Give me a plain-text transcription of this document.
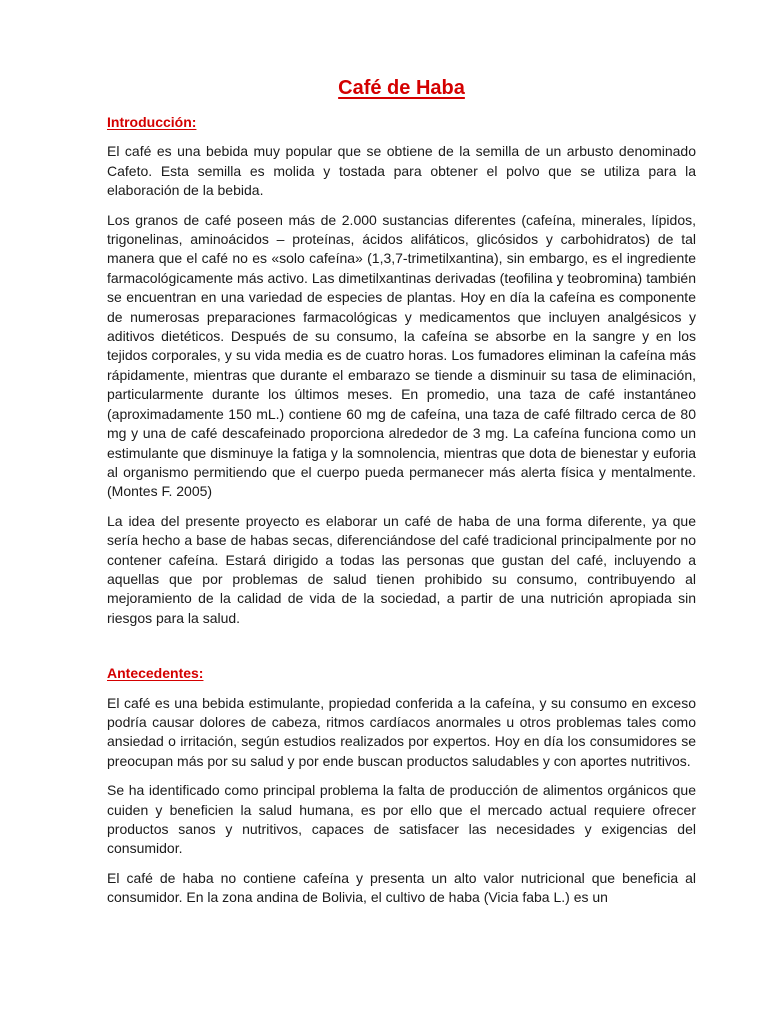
Café de Haba
Introducción:

El café es una bebida muy popular que se obtiene de la semilla de un arbusto denominado Cafeto. Esta semilla es molida y tostada para obtener el polvo que se utiliza para la elaboración de la bebida.

Los granos de café poseen más de 2.000 sustancias diferentes (cafeína, minerales, lípidos, trigonelinas, aminoácidos – proteínas, ácidos alifáticos, glicósidos y carbohidratos) de tal manera que el café no es «solo cafeína» (1,3,7-trimetilxantina), sin embargo, es el ingrediente farmacológicamente más activo. Las dimetilxantinas derivadas (teofilina y teobromina) también se encuentran en una variedad de especies de plantas. Hoy en día la cafeína es componente de numerosas preparaciones farmacológicas y medicamentos que incluyen analgésicos y aditivos dietéticos. Después de su consumo, la cafeína se absorbe en la sangre y en los tejidos corporales, y su vida media es de cuatro horas. Los fumadores eliminan la cafeína más rápidamente, mientras que durante el embarazo se tiende a disminuir su tasa de eliminación, particularmente durante los últimos meses. En promedio, una taza de café instantáneo (aproximadamente 150 mL.) contiene 60 mg de cafeína, una taza de café filtrado cerca de 80 mg y una de café descafeinado proporciona alrededor de 3 mg. La cafeína funciona como un estimulante que disminuye la fatiga y la somnolencia, mientras que dota de bienestar y euforia al organismo permitiendo que el cuerpo pueda permanecer más alerta física y mentalmente. (Montes F. 2005)

La idea del presente proyecto es elaborar un café de haba de una forma diferente, ya que sería hecho a base de habas secas, diferenciándose del café tradicional principalmente por no contener cafeína. Estará dirigido a todas las personas que gustan del café, incluyendo a aquellas que por problemas de salud tienen prohibido su consumo, contribuyendo al mejoramiento de la calidad de vida de la sociedad, a partir de una nutrición apropiada sin riesgos para la salud.

Antecedentes:

El café es una bebida estimulante, propiedad conferida a la cafeína, y su consumo en exceso podría causar dolores de cabeza, ritmos cardíacos anormales u otros problemas tales como ansiedad o irritación, según estudios realizados por expertos. Hoy en día los consumidores se preocupan más por su salud y por ende buscan productos saludables y con aportes nutritivos.

Se ha identificado como principal problema la falta de producción de alimentos orgánicos que cuiden y beneficien la salud humana, es por ello que el mercado actual requiere ofrecer productos sanos y nutritivos, capaces de satisfacer las necesidades y exigencias del consumidor.

El café de haba no contiene cafeína y presenta un alto valor nutricional que beneficia al consumidor. En la zona andina de Bolivia, el cultivo de haba (Vicia faba L.) es un
